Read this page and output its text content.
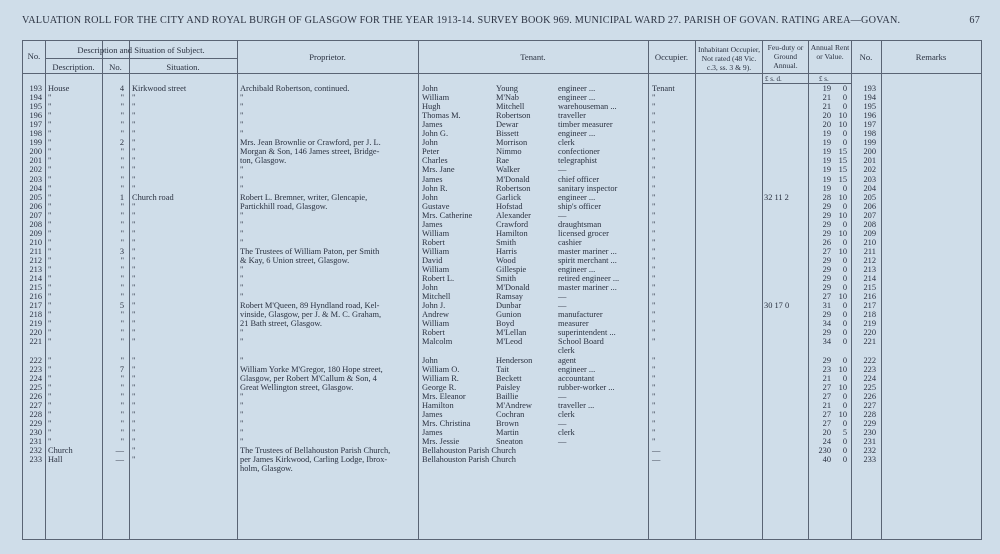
VALUATION ROLL FOR THE CITY AND ROYAL BURGH OF GLASGOW FOR THE YEAR 1913-14. SURVEY BOOK 969. MUNICIPAL WARD 27. PARISH OF GOVAN. RATING AREA—GOVAN.	67
No.
Description and Situation of Subject.
Description.	No.	Situation.
Proprietor.	Tenant.	Occupier.
Inhabitant Occupier, Not rated (48 Vic. c.3, ss. 3 & 9).
Feu-duty or Ground Annual.
Annual Rent or Value.	No.	Remarks
£ s. d.	£ s.
193 House	4 Kirkwood street	Archibald Robertson, continued.	John	Young	engineer ...	Tenant	19	0	193
194 "	" "	"	William	M'Nab	engineer ...	"	21	0	194
195 "	" "	"	Hugh	Mitchell	warehouseman ...	"	21	0	195
196 "	" "	"	Thomas M.	Robertson	traveller	"	20 10	196
197 "	" "	"	James	Dewar	timber measurer	"	20 10	197
198 "	" "	"	John G.	Bissett	engineer ...	"	19	0	198
199 "	2 "	Mrs. Jean Brownlie or Crawford, per J. L.	John	Morrison	clerk	"	19	0	199
200 "	" "	Morgan & Son, 146 James street, Bridge-	Peter	Nimmo	confectioner	"	19 15	200
201 "	" "	ton, Glasgow.	Charles	Rae	telegraphist	"	19 15	201
202 "	" "	"	Mrs. Jane	Walker	—	"	19 15	202
203 "	" "	"	James	M'Donald	chief officer	"	19 15	203
204 "	" "	"	John R.	Robertson	sanitary inspector	"	19	0	204
205 "	1 Church road	Robert L. Bremner, writer, Glencapie,	John	Garlick	engineer ...	"	32 11 2	28 10	205
206 "	" "	Partickhill road, Glasgow.	Gustave	Hofstad	ship's officer	"	29	0	206
207 "	" "	"	Mrs. Catherine	Alexander	—	"	29 10	207
208 "	" "	"	James	Crawford	draughtsman	"	29	0	208
209 "	" "	"	William	Hamilton	licensed grocer	"	29 10	209
210 "	" "	"	Robert	Smith	cashier	"	26	0	210
211 "	3 "	The Trustees of William Paton, per Smith	William	Harris	master mariner ...	"	27 10	211
212 "	" "	& Kay, 6 Union street, Glasgow.	David	Wood	spirit merchant ...	"	29	0	212
213 "	" "	"	William	Gillespie	engineer ...	"	29	0	213
214 "	" "	"	Robert L.	Smith	retired engineer ...	"	29	0	214
215 "	" "	"	John	M'Donald	master mariner ...	"	29	0	215
216 "	" "	"	Mitchell	Ramsay	—	"	27 10	216
217 "	5 "	Robert M'Queen, 89 Hyndland road, Kel-	John J.	Dunbar	—	"	30 17 0	31	0	217
218 "	" "	vinside, Glasgow, per J. & M. C. Graham,	Andrew	Gunion	manufacturer	"	29	0	218
219 "	" "	21 Bath street, Glasgow.	William	Boyd	measurer	"	34	0	219
220 "	" "	"	Robert	M'Lellan	superintendent ...	"	29	0	220
221 "	" "	"	Malcolm	M'Leod	School Board	"	34	0	221
clerk
222 "	" "	"	John	Henderson	agent	"	29	0	222
223 "	7 "	William Yorke M'Gregor, 180 Hope street,	William O.	Tait	engineer ...	"	23 10	223
224 "	" "	Glasgow, per Robert M'Callum & Son, 4	William R.	Beckett	accountant	"	21	0	224
225 "	" "	Great Wellington street, Glasgow.	George R.	Paisley	rubber-worker ...	"	27 10	225
226 "	" "	"	Mrs. Eleanor	Baillie	—	"	27	0	226
227 "	" "	"	Hamilton	M'Andrew	traveller ...	"	21	0	227
228 "	" "	"	James	Cochran	clerk	"	27 10	228
229 "	" "	"	Mrs. Christina	Brown	—	"	27	0	229
230 "	" "	"	James	Martin	clerk	"	20	5	230
231 "	" "	"	Mrs. Jessie	Sneaton	—	"	24	0	231
232 Church	— "	The Trustees of Bellahouston Parish Church,	Bellahouston Parish Church	—	230	0	232
233 Hall	— "	per James Kirkwood, Carling Lodge, Ibrox-	Bellahouston Parish Church	—	40	0	233
holm, Glasgow.
